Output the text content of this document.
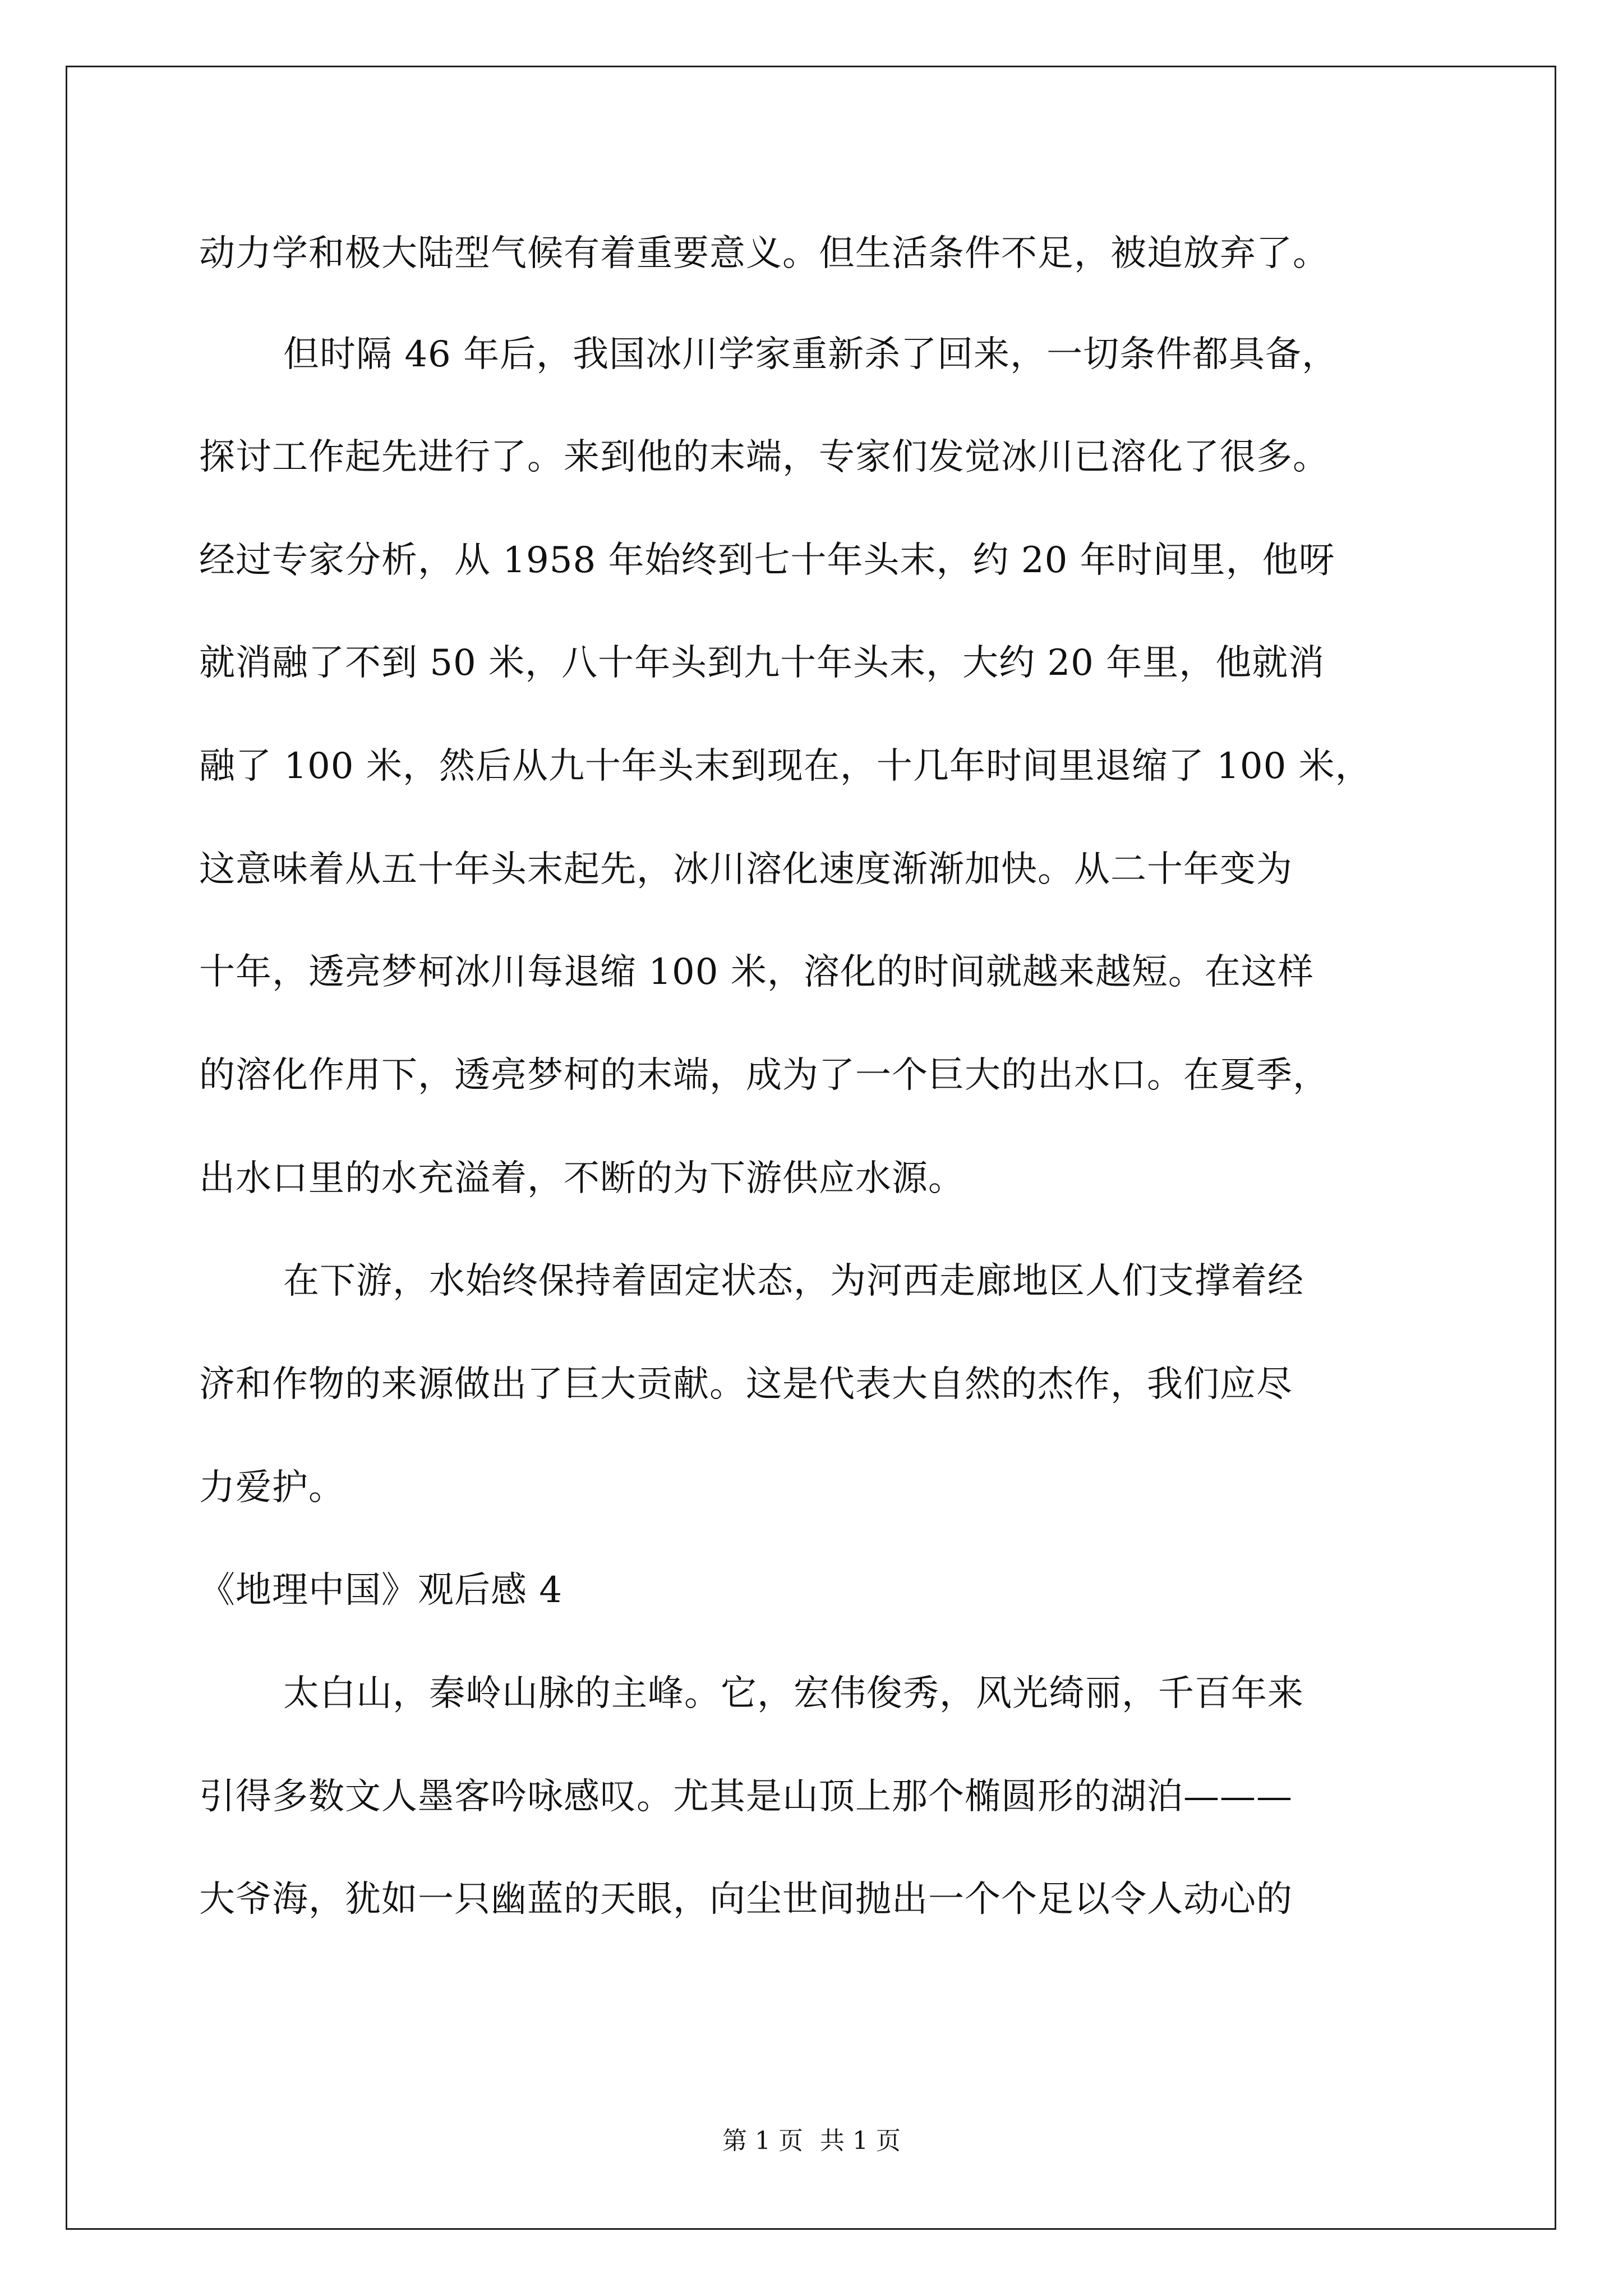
动力学和极大陆型气候有着重要意义。但生活条件不足，被迫放弃了。
但时隔 46 年后，我国冰川学家重新杀了回来，一切条件都具备，
探讨工作起先进行了。来到他的末端，专家们发觉冰川已溶化了很多。
经过专家分析，从 1958 年始终到七十年头末，约 20 年时间里，他呀
就消融了不到 50 米，八十年头到九十年头末，大约 20 年里，他就消
融了 100 米，然后从九十年头末到现在，十几年时间里退缩了 100 米，
这意味着从五十年头末起先，冰川溶化速度渐渐加快。从二十年变为
十年，透亮梦柯冰川每退缩 100 米，溶化的时间就越来越短。在这样
的溶化作用下，透亮梦柯的末端，成为了一个巨大的出水口。在夏季，
出水口里的水充溢着，不断的为下游供应水源。
在下游，水始终保持着固定状态，为河西走廊地区人们支撑着经
济和作物的来源做出了巨大贡献。这是代表大自然的杰作，我们应尽
力爱护。
《地理中国》观后感 4
太白山，秦岭山脉的主峰。它，宏伟俊秀，风光绮丽，千百年来
引得多数文人墨客吟咏感叹。尤其是山顶上那个椭圆形的湖泊———
大爷海，犹如一只幽蓝的天眼，向尘世间抛出一个个足以令人动心的
第 1 页 共 1 页
